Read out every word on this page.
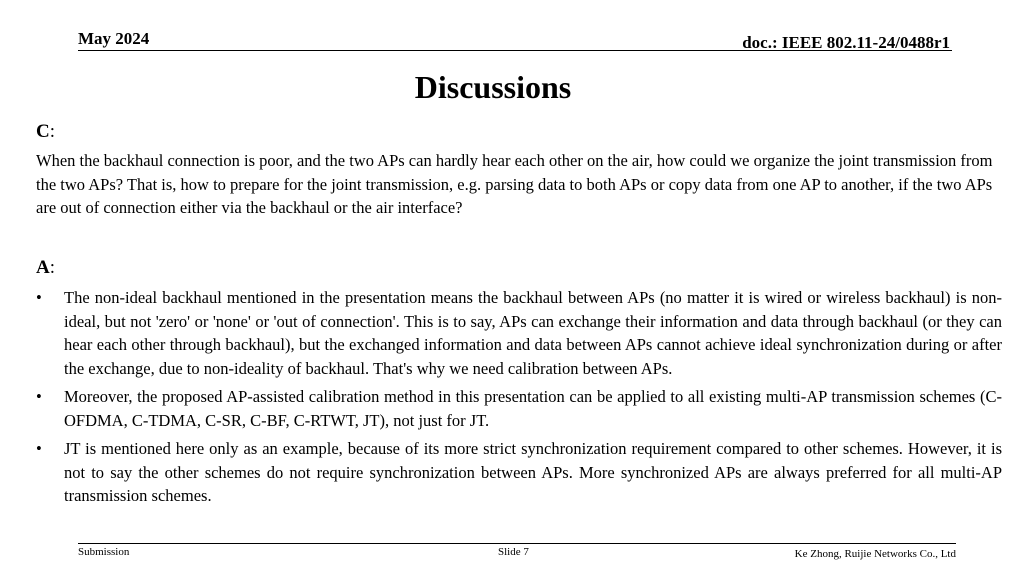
May 2024	doc.: IEEE 802.11-24/0488r1
Discussions
C:

When the backhaul connection is poor, and the two APs can hardly hear each other on the air, how could we organize the joint transmission from the two APs? That is, how to prepare for the joint transmission, e.g. parsing data to both APs or copy data from one AP to another, if the two APs are out of connection either via the backhaul or the air interface?

A:
• The non-ideal backhaul mentioned in the presentation means the backhaul between APs (no matter it is wired or wireless backhaul) is non-ideal, but not 'zero' or 'none' or 'out of connection'. This is to say, APs can exchange their information and data through backhaul (or they can hear each other through backhaul), but the exchanged information and data between APs cannot achieve ideal synchronization during or after the exchange, due to non-ideality of backhaul. That's why we need calibration between APs.
• Moreover, the proposed AP-assisted calibration method in this presentation can be applied to all existing multi-AP transmission schemes (C-OFDMA, C-TDMA, C-SR, C-BF, C-RTWT, JT), not just for JT.
• JT is mentioned here only as an example, because of its more strict synchronization requirement compared to other schemes. However, it is not to say the other schemes do not require synchronization between APs. More synchronized APs are always preferred for all multi-AP transmission schemes.
Submission	Slide 7	Ke Zhong, Ruijie Networks Co., Ltd
